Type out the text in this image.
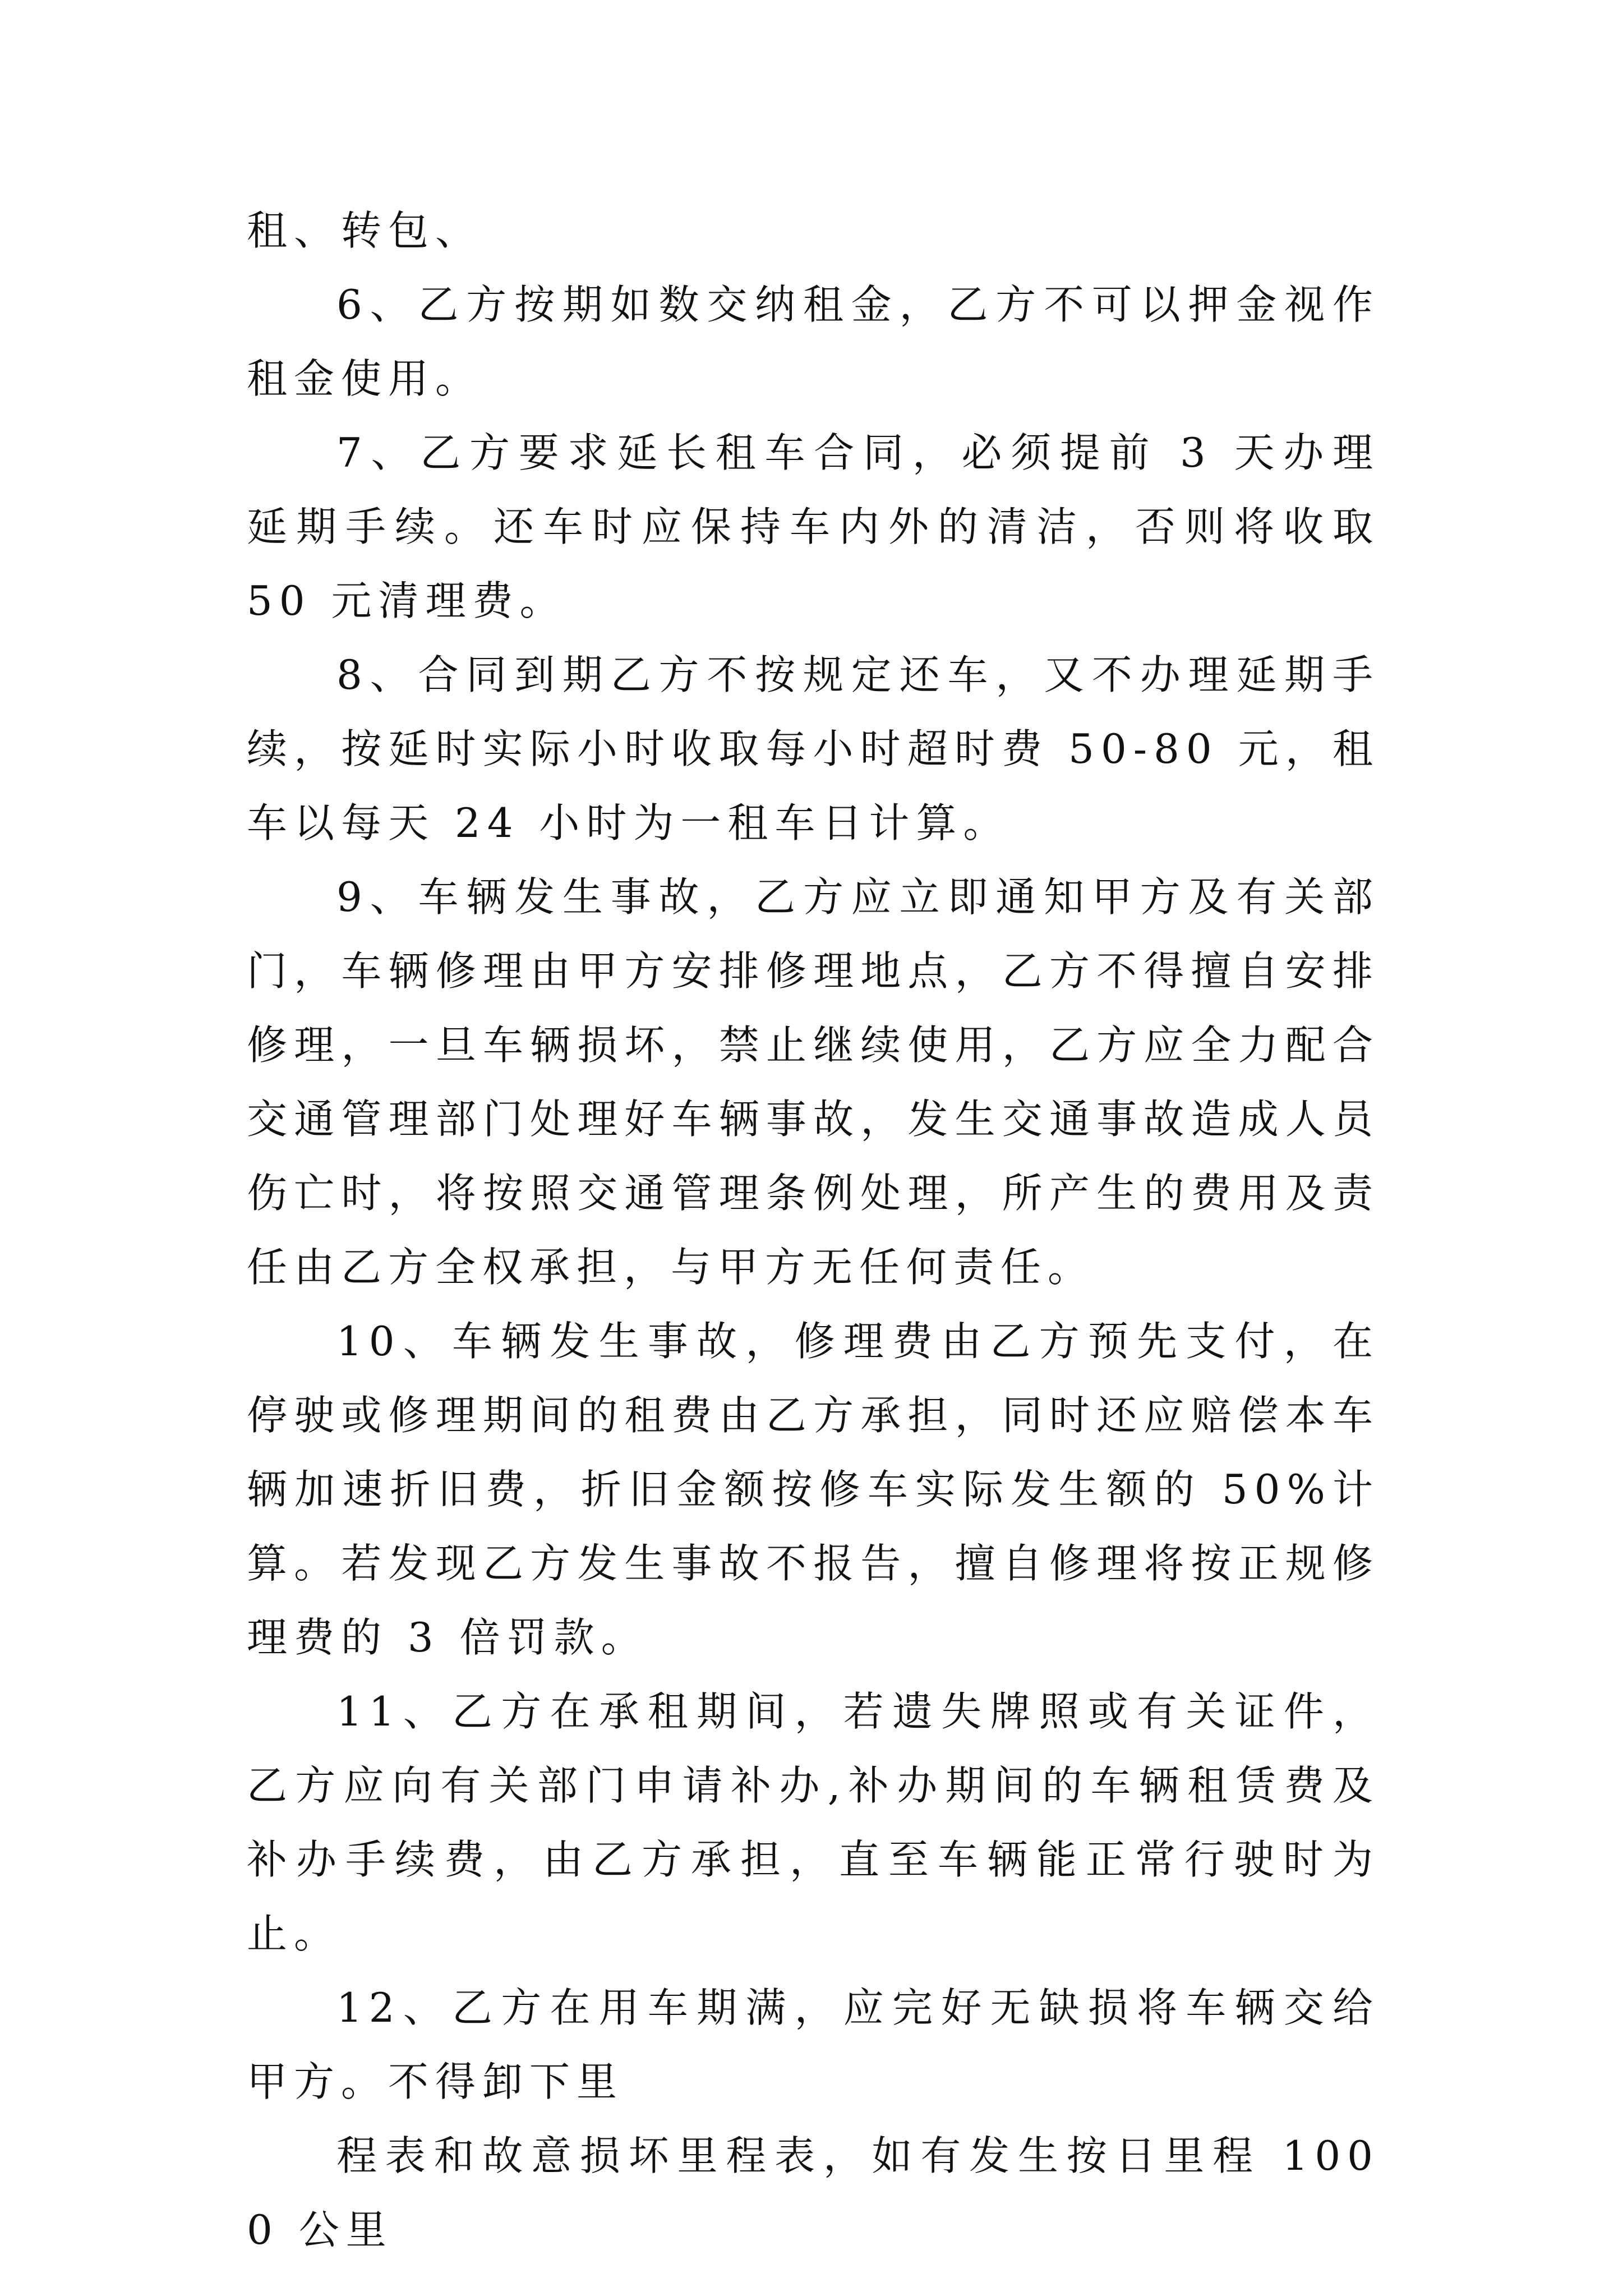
租、转包、

6、乙方按期如数交纳租金，乙方不可以押金视作租金使用。

7、乙方要求延长租车合同，必须提前 3 天办理延期手续。还车时应保持车内外的清洁，否则将收取 50 元清理费。

8、合同到期乙方不按规定还车，又不办理延期手续，按延时实际小时收取每小时超时费 50-80 元，租车以每天 24 小时为一租车日计算。

9、车辆发生事故，乙方应立即通知甲方及有关部门，车辆修理由甲方安排修理地点，乙方不得擅自安排修理，一旦车辆损坏，禁止继续使用，乙方应全力配合交通管理部门处理好车辆事故，发生交通事故造成人员伤亡时，将按照交通管理条例处理，所产生的费用及责任由乙方全权承担，与甲方无任何责任。

10、车辆发生事故，修理费由乙方预先支付，在停驶或修理期间的租费由乙方承担，同时还应赔偿本车辆加速折旧费，折旧金额按修车实际发生额的 50%计算。若发现乙方发生事故不报告，擅自修理将按正规修理费的 3 倍罚款。

11、乙方在承租期间，若遗失牌照或有关证件，乙方应向有关部门申请补办,补办期间的车辆租赁费及补办手续费，由乙方承担，直至车辆能正常行驶时为止。

12、乙方在用车期满，应完好无缺损将车辆交给甲方。不得卸下里

程表和故意损坏里程表，如有发生按日里程 1000 公里
